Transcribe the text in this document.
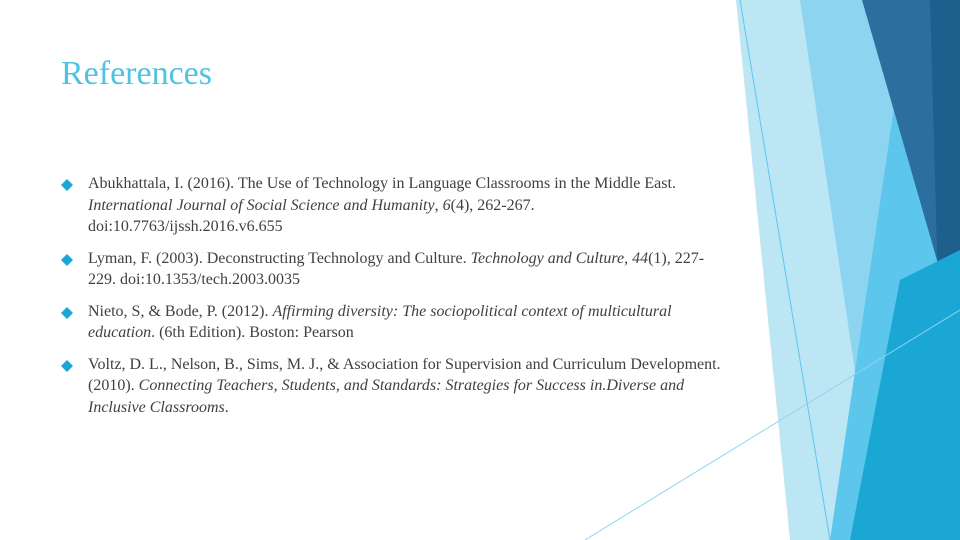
References
Abukhattala, I. (2016). The Use of Technology in Language Classrooms in the Middle East. International Journal of Social Science and Humanity, 6(4), 262-267. doi:10.7763/ijssh.2016.v6.655
Lyman, F. (2003). Deconstructing Technology and Culture. Technology and Culture, 44(1), 227-229. doi:10.1353/tech.2003.0035
Nieto, S, & Bode, P. (2012). Affirming diversity: The sociopolitical context of multicultural
education. (6th Edition). Boston: Pearson
Voltz, D. L., Nelson, B., Sims, M. J., & Association for Supervision and Curriculum Development. (2010). Connecting Teachers, Students, and Standards: Strategies for Success in.Diverse and Inclusive Classrooms.
